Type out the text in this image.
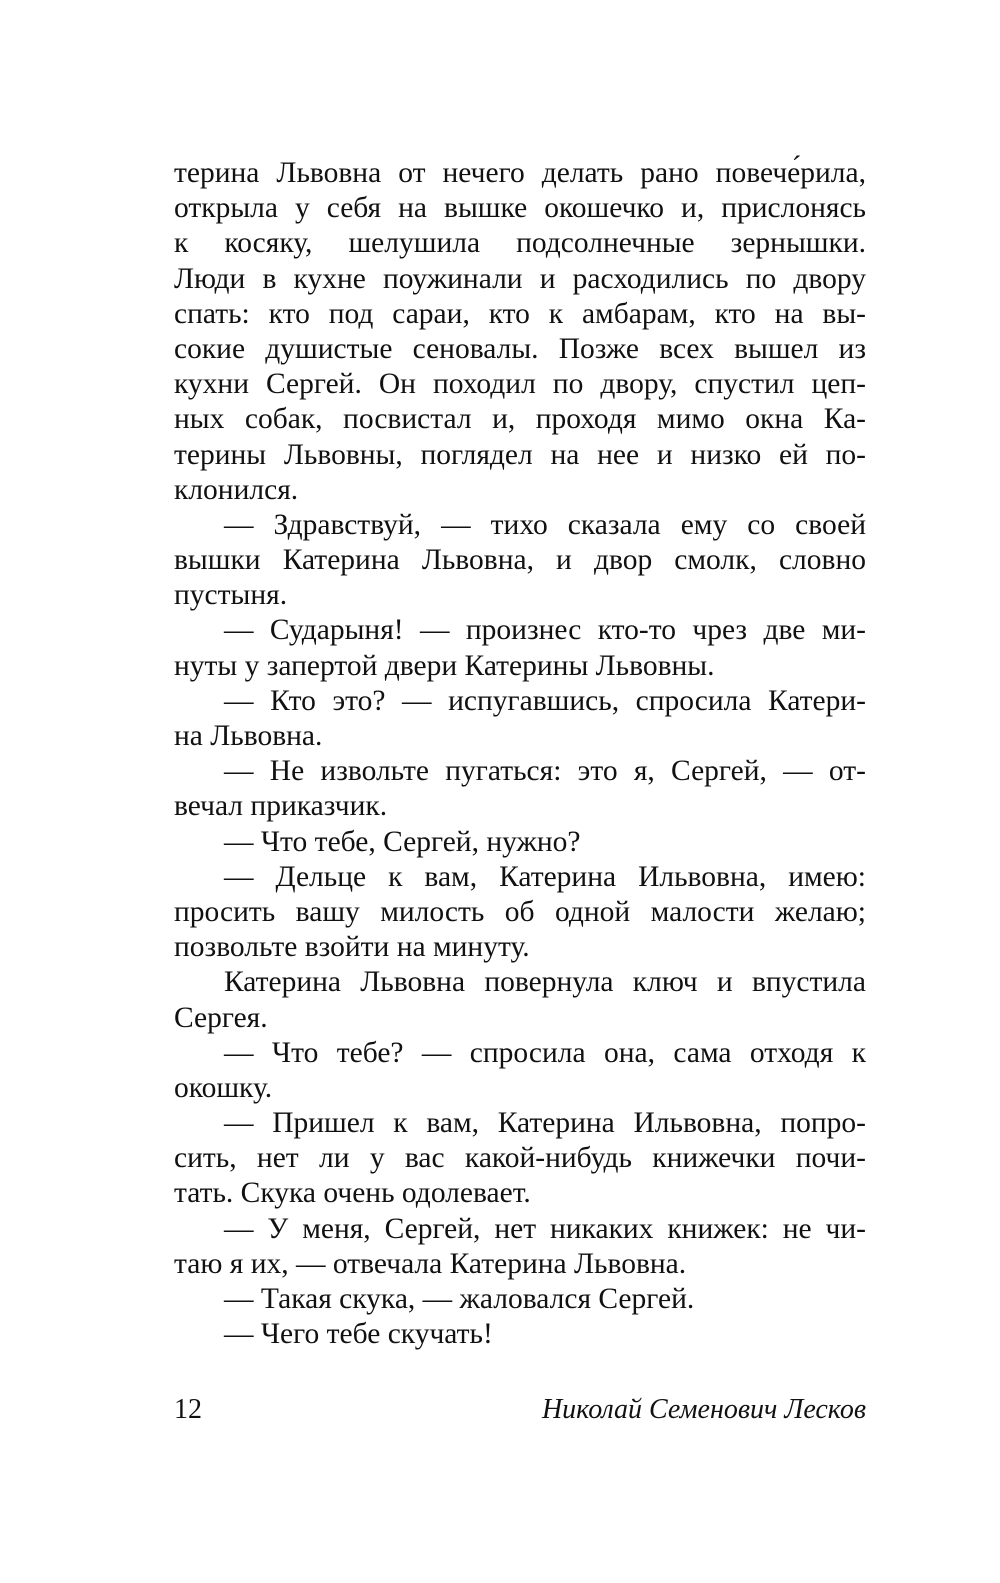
терина Львовна от нечего делать рано повече́рила,
открыла у себя на вышке окошечко и, прислонясь
к косяку, шелушила подсолнечные зернышки.
Люди в кухне поужинали и расходились по двору
спать: кто под сараи, кто к амбарам, кто на вы-
сокие душистые сеновалы. Позже всех вышел из
кухни Сергей. Он походил по двору, спустил цеп-
ных собак, посвистал и, проходя мимо окна Ка-
терины Львовны, поглядел на нее и низко ей по-
клонился.
— Здравствуй, — тихо сказала ему со своей
вышки Катерина Львовна, и двор смолк, словно
пустыня.
— Сударыня! — произнес кто-то чрез две ми-
нуты у запертой двери Катерины Львовны.
— Кто это? — испугавшись, спросила Катери-
на Львовна.
— Не извольте пугаться: это я, Сергей, — от-
вечал приказчик.
— Что тебе, Сергей, нужно?
— Дельце к вам, Катерина Ильвовна, имею:
просить вашу милость об одной малости желаю;
позвольте взойти на минуту.
Катерина Львовна повернула ключ и впустила
Сергея.
— Что тебе? — спросила она, сама отходя к
окошку.
— Пришел к вам, Катерина Ильвовна, попро-
сить, нет ли у вас какой-нибудь книжечки почи-
тать. Скука очень одолевает.
— У меня, Сергей, нет никаких книжек: не чи-
таю я их, — отвечала Катерина Львовна.
— Такая скука, — жаловался Сергей.
— Чего тебе скучать!
12	Николай Семенович Лесков
